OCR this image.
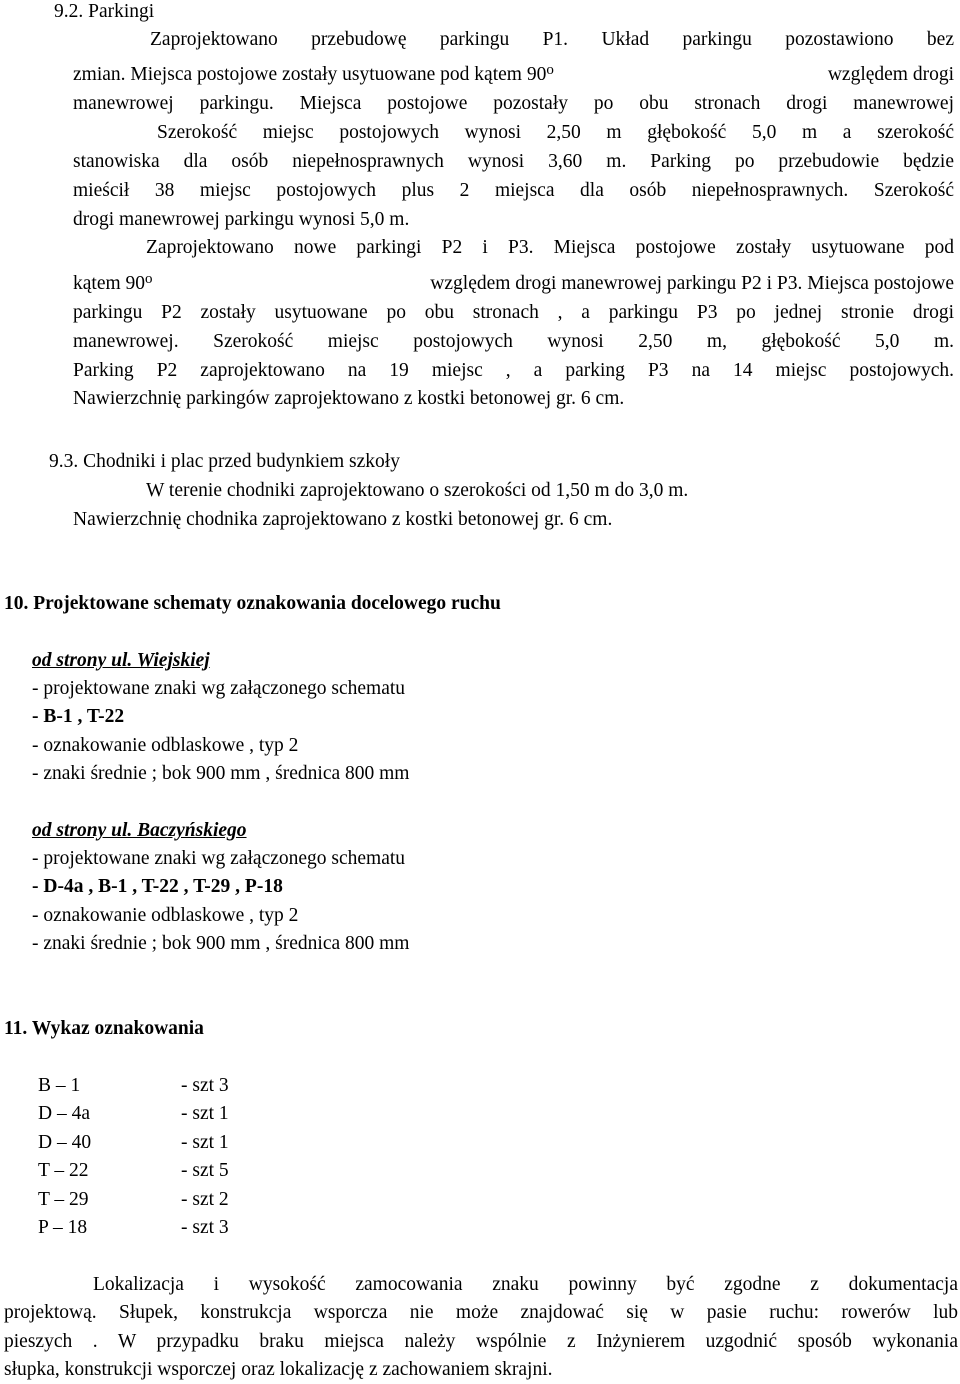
9.2. Parkingi
Zaprojektowano przebudowę parkingu P1. Układ parkingu pozostawiono bez
zmian. Miejsca postojowe zostały usytuowane pod kątem 90$^o$	względem drogi
manewrowej parkingu. Miejsca postojowe pozostały po obu stronach drogi manewrowej
Szerokość miejsc postojowych wynosi 2,50 m głębokość 5,0 m a szerokość
stanowiska dla osób niepełnosprawnych wynosi 3,60 m. Parking po przebudowie będzie
mieścił 38 miejsc postojowych plus 2 miejsca dla osób niepełnosprawnych. Szerokość
drogi manewrowej parkingu wynosi 5,0 m.
Zaprojektowano nowe parkingi P2 i P3. Miejsca postojowe zostały usytuowane pod
kątem 90$^o$	względem drogi manewrowej parkingu P2 i P3. Miejsca postojowe
parkingu P2 zostały usytuowane po obu stronach , a parkingu P3 po jednej stronie drogi
manewrowej. Szerokość miejsc postojowych wynosi 2,50 m, głębokość 5,0 m.
Parking P2 zaprojektowano na 19 miejsc , a parking P3 na 14 miejsc postojowych.
Nawierzchnię parkingów zaprojektowano z kostki betonowej gr. 6 cm.
9.3. Chodniki i plac przed budynkiem szkoły
W terenie chodniki zaprojektowano o szerokości od 1,50 m do 3,0 m.
Nawierzchnię chodnika zaprojektowano z kostki betonowej gr. 6 cm.
10. Projektowane schematy oznakowania docelowego ruchu
od strony ul. Wiejskiej
- projektowane znaki wg załączonego schematu
- B-1 , T-22
- oznakowanie odblaskowe , typ 2
- znaki średnie ; bok 900 mm , średnica 800 mm
od strony ul. Baczyńskiego
- projektowane znaki wg załączonego schematu
- D-4a , B-1 , T-22 , T-29 , P-18
- oznakowanie odblaskowe , typ 2
- znaki średnie ; bok 900 mm , średnica 800 mm
11. Wykaz oznakowania
B – 1	- szt 3
D – 4a	- szt 1
D – 40	- szt 1
T – 22	- szt 5
T – 29	- szt 2
P – 18	- szt 3
Lokalizacja i wysokość zamocowania znaku powinny być zgodne z dokumentacja
projektową. Słupek, konstrukcja wsporcza nie może znajdować się w pasie ruchu: rowerów lub
pieszych . W przypadku braku miejsca należy wspólnie z Inżynierem uzgodnić sposób wykonania
słupka, konstrukcji wsporczej oraz lokalizację z zachowaniem skrajni.
